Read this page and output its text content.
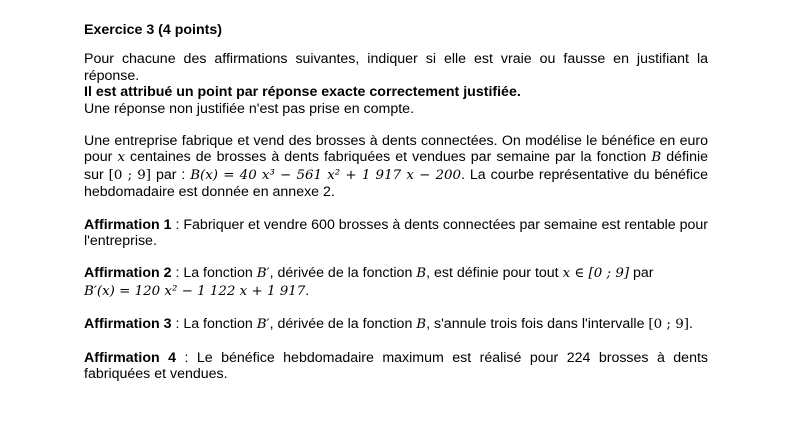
Exercice 3 (4 points)

Pour chacune des affirmations suivantes, indiquer si elle est vraie ou fausse en justifiant la réponse.

Il est attribué un point par réponse exacte correctement justifiée.

Une réponse non justifiée n'est pas prise en compte.

Une entreprise fabrique et vend des brosses à dents connectées. On modélise le bénéfice en euro pour x centaines de brosses à dents fabriquées et vendues par semaine par la fonction B définie sur [0 ; 9] par : B(x) = 40 x³ − 561 x² + 1 917 x − 200. La courbe représentative du bénéfice hebdomadaire est donnée en annexe 2.

Affirmation 1 : Fabriquer et vendre 600 brosses à dents connectées par semaine est rentable pour l'entreprise.

Affirmation 2 : La fonction B′, dérivée de la fonction B, est définie pour tout x ∈ [0 ; 9] par
B′(x) = 120 x² − 1 122 x + 1 917.

Affirmation 3 : La fonction B′, dérivée de la fonction B, s'annule trois fois dans l'intervalle [0 ; 9].

Affirmation 4 : Le bénéfice hebdomadaire maximum est réalisé pour 224 brosses à dents fabriquées et vendues.
